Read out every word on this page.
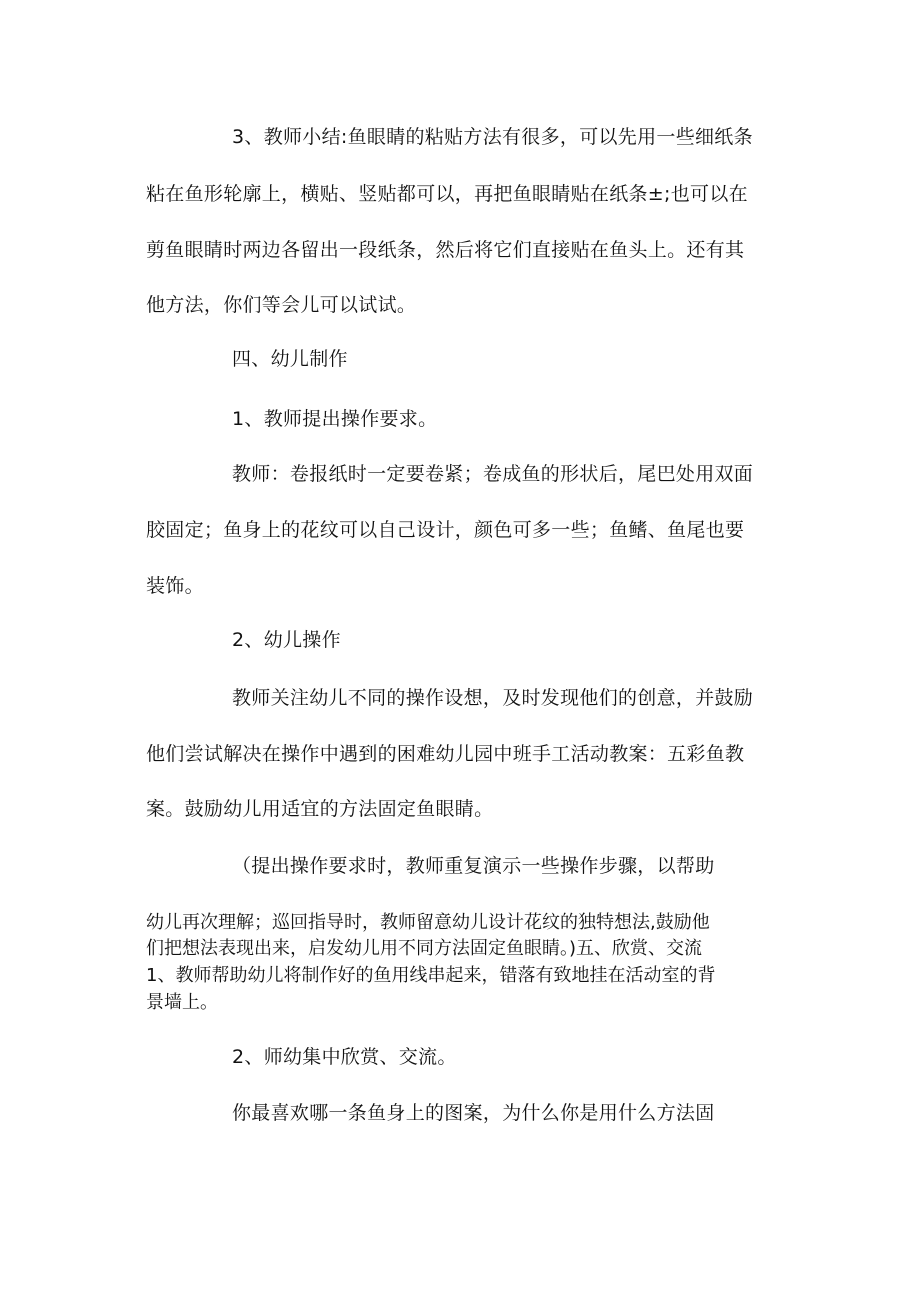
3、教师小结:鱼眼睛的粘贴方法有很多，可以先用一些细纸条

粘在鱼形轮廓上，横贴、竖贴都可以，再把鱼眼睛贴在纸条±;也可以在

剪鱼眼睛时两边各留出一段纸条，然后将它们直接贴在鱼头上。还有其

他方法，你们等会儿可以试试。

四、幼儿制作

1、教师提出操作要求。

教师：卷报纸时一定要卷紧；卷成鱼的形状后，尾巴处用双面

胶固定；鱼身上的花纹可以自己设计，颜色可多一些；鱼鳍、鱼尾也要

装饰。

2、幼儿操作

教师关注幼儿不同的操作设想，及时发现他们的创意，并鼓励

他们尝试解决在操作中遇到的困难幼儿园中班手工活动教案：五彩鱼教

案。鼓励幼儿用适宜的方法固定鱼眼睛。

（提出操作要求时，教师重复演示一些操作步骤，以帮助

幼儿再次理解；巡回指导时，教师留意幼儿设计花纹的独特想法,鼓励他

们把想法表现出来，启发幼儿用不同方法固定鱼眼睛。)五、欣赏、交流

1、教师帮助幼儿将制作好的鱼用线串起来，错落有致地挂在活动室的背

景墙上。

2、师幼集中欣赏、交流。

你最喜欢哪一条鱼身上的图案，为什么你是用什么方法固
